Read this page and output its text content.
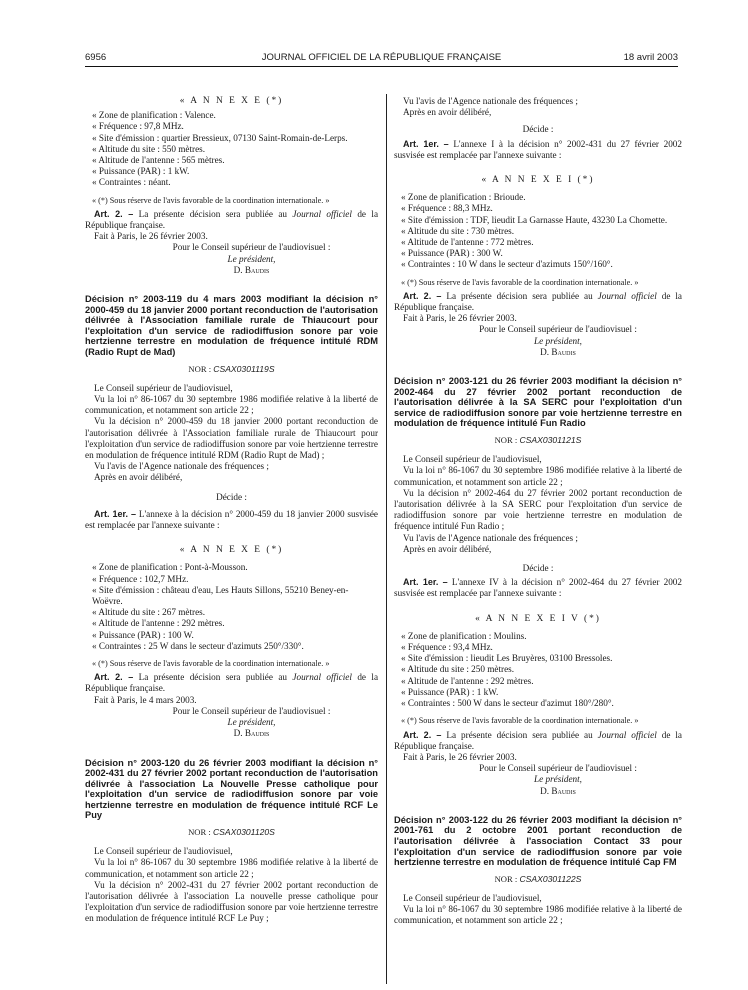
6956	JOURNAL OFFICIEL DE LA RÉPUBLIQUE FRANÇAISE	18 avril 2003

« A N N E X E (*)

« Zone de planification : Valence.

« Fréquence : 97,8 MHz.

« Site d'émission : quartier Bressieux, 07130 Saint-Romain-de-Lerps.

« Altitude du site : 550 mètres.

« Altitude de l'antenne : 565 mètres.

« Puissance (PAR) : 1 kW.

« Contraintes : néant.

« (*) Sous réserve de l'avis favorable de la coordination internationale. »

Art. 2. – La présente décision sera publiée au Journal officiel de la République française.

Fait à Paris, le 26 février 2003.

Pour le Conseil supérieur de l'audiovisuel :

Le président,

D. Baudis

Décision n° 2003-119 du 4 mars 2003 modifiant la décision n° 2000-459 du 18 janvier 2000 portant reconduction de l'autorisation délivrée à l'Association familiale rurale de Thiaucourt pour l'exploitation d'un service de radiodiffusion sonore par voie hertzienne terrestre en modulation de fréquence intitulé RDM (Radio Rupt de Mad)

NOR : CSAX0301119S

Le Conseil supérieur de l'audiovisuel,

Vu la loi n° 86-1067 du 30 septembre 1986 modifiée relative à la liberté de communication, et notamment son article 22 ;

Vu la décision n° 2000-459 du 18 janvier 2000 portant reconduction de l'autorisation délivrée à l'Association familiale rurale de Thiaucourt pour l'exploitation d'un service de radiodiffusion sonore par voie hertzienne terrestre en modulation de fréquence intitulé RDM (Radio Rupt de Mad) ;

Vu l'avis de l'Agence nationale des fréquences ;

Après en avoir délibéré,

Décide :

Art. 1er. – L'annexe à la décision n° 2000-459 du 18 janvier 2000 susvisée est remplacée par l'annexe suivante :

« A N N E X E (*)

« Zone de planification : Pont-à-Mousson.

« Fréquence : 102,7 MHz.

« Site d'émission : château d'eau, Les Hauts Sillons, 55210 Beney-en-Woëvre.

« Altitude du site : 267 mètres.

« Altitude de l'antenne : 292 mètres.

« Puissance (PAR) : 100 W.

« Contraintes : 25 W dans le secteur d'azimuts 250°/330°.

« (*) Sous réserve de l'avis favorable de la coordination internationale. »

Art. 2. – La présente décision sera publiée au Journal officiel de la République française.

Fait à Paris, le 4 mars 2003.

Pour le Conseil supérieur de l'audiovisuel :

Le président,

D. Baudis

Décision n° 2003-120 du 26 février 2003 modifiant la décision n° 2002-431 du 27 février 2002 portant reconduction de l'autorisation délivrée à l'association La Nouvelle Presse catholique pour l'exploitation d'un service de radiodiffusion sonore par voie hertzienne terrestre en modulation de fréquence intitulé RCF Le Puy

NOR : CSAX0301120S

Le Conseil supérieur de l'audiovisuel,

Vu la loi n° 86-1067 du 30 septembre 1986 modifiée relative à la liberté de communication, et notamment son article 22 ;

Vu la décision n° 2002-431 du 27 février 2002 portant reconduction de l'autorisation délivrée à l'association La nouvelle presse catholique pour l'exploitation d'un service de radiodiffusion sonore par voie hertzienne terrestre en modulation de fréquence intitulé RCF Le Puy ;

Vu l'avis de l'Agence nationale des fréquences ;

Après en avoir délibéré,

Décide :

Art. 1er. – L'annexe I à la décision n° 2002-431 du 27 février 2002 susvisée est remplacée par l'annexe suivante :

« A N N E X E I (*)

« Zone de planification : Brioude.

« Fréquence : 88,3 MHz.

« Site d'émission : TDF, lieudit La Garnasse Haute, 43230 La Chomette.

« Altitude du site : 730 mètres.

« Altitude de l'antenne : 772 mètres.

« Puissance (PAR) : 300 W.

« Contraintes : 10 W dans le secteur d'azimuts 150°/160°.

« (*) Sous réserve de l'avis favorable de la coordination internationale. »

Art. 2. – La présente décision sera publiée au Journal officiel de la République française.

Fait à Paris, le 26 février 2003.

Pour le Conseil supérieur de l'audiovisuel :

Le président,

D. Baudis

Décision n° 2003-121 du 26 février 2003 modifiant la décision n° 2002-464 du 27 février 2002 portant reconduction de l'autorisation délivrée à la SA SERC pour l'exploitation d'un service de radiodiffusion sonore par voie hertzienne terrestre en modulation de fréquence intitulé Fun Radio

NOR : CSAX0301121S

Le Conseil supérieur de l'audiovisuel,

Vu la loi n° 86-1067 du 30 septembre 1986 modifiée relative à la liberté de communication, et notamment son article 22 ;

Vu la décision n° 2002-464 du 27 février 2002 portant reconduction de l'autorisation délivrée à la SA SERC pour l'exploitation d'un service de radiodiffusion sonore par voie hertzienne terrestre en modulation de fréquence intitulé Fun Radio ;

Vu l'avis de l'Agence nationale des fréquences ;

Après en avoir délibéré,

Décide :

Art. 1er. – L'annexe IV à la décision n° 2002-464 du 27 février 2002 susvisée est remplacée par l'annexe suivante :

« A N N E X E I V (*)

« Zone de planification : Moulins.

« Fréquence : 93,4 MHz.

« Site d'émission : lieudit Les Bruyères, 03100 Bressoles.

« Altitude du site : 250 mètres.

« Altitude de l'antenne : 292 mètres.

« Puissance (PAR) : 1 kW.

« Contraintes : 500 W dans le secteur d'azimut 180°/280°.

« (*) Sous réserve de l'avis favorable de la coordination internationale. »

Art. 2. – La présente décision sera publiée au Journal officiel de la République française.

Fait à Paris, le 26 février 2003.

Pour le Conseil supérieur de l'audiovisuel :

Le président,

D. Baudis

Décision n° 2003-122 du 26 février 2003 modifiant la décision n° 2001-761 du 2 octobre 2001 portant reconduction de l'autorisation délivrée à l'association Contact 33 pour l'exploitation d'un service de radiodiffusion sonore par voie hertzienne terrestre en modulation de fréquence intitulé Cap FM

NOR : CSAX0301122S

Le Conseil supérieur de l'audiovisuel,

Vu la loi n° 86-1067 du 30 septembre 1986 modifiée relative à la liberté de communication, et notamment son article 22 ;
